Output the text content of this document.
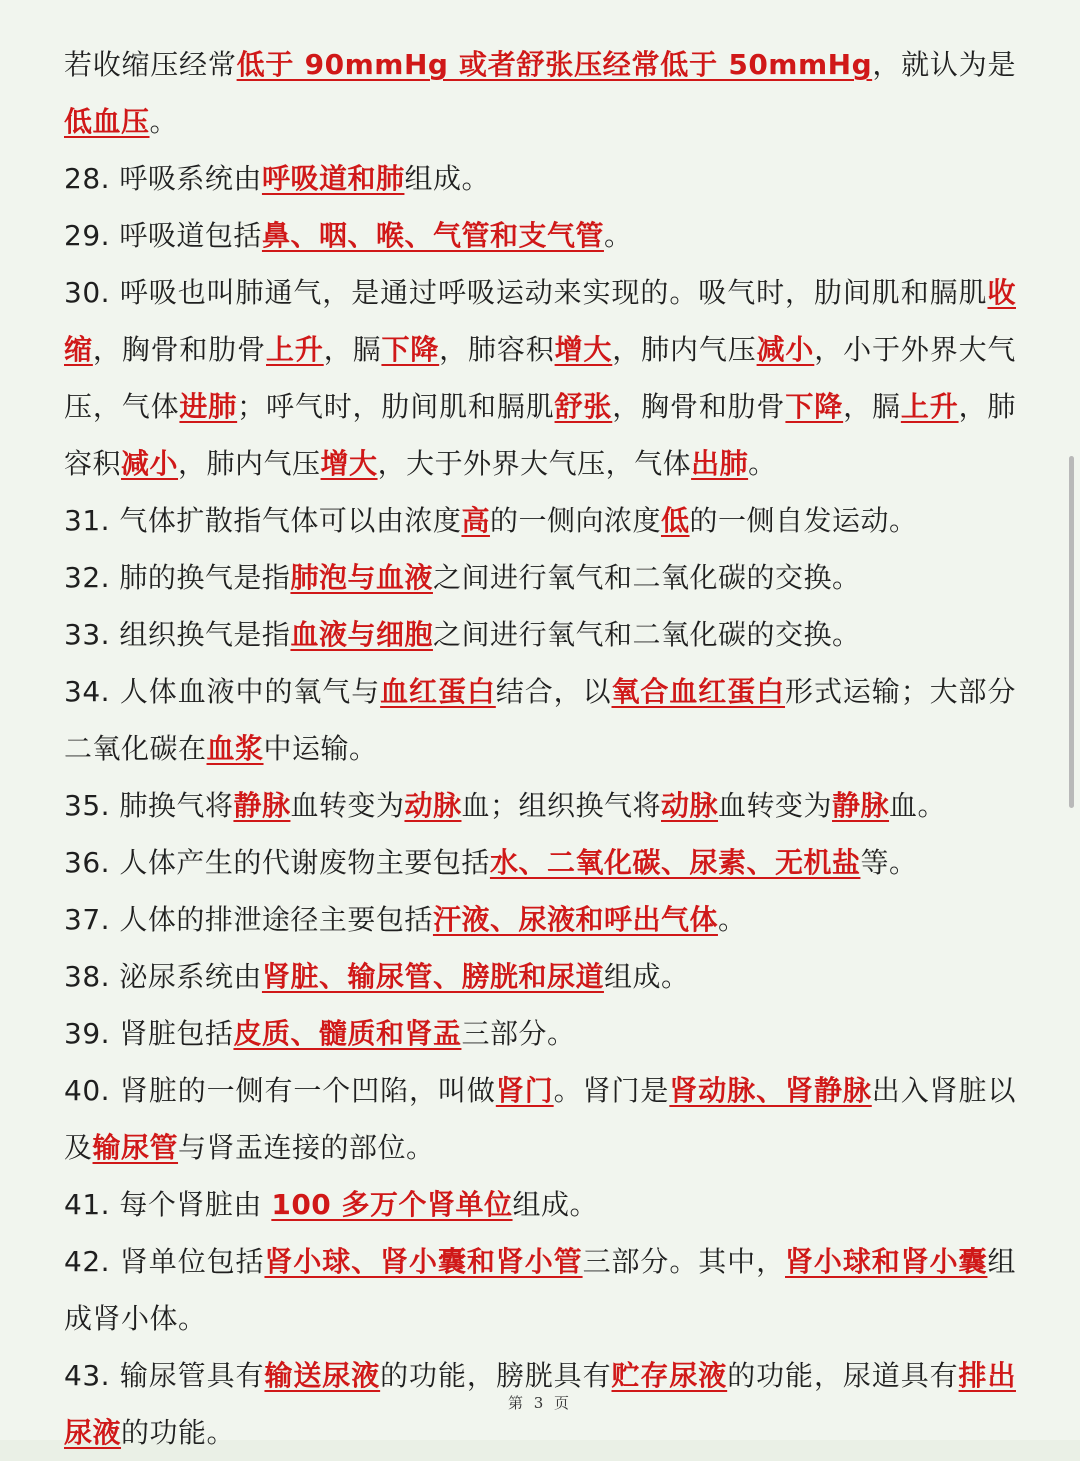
若收缩压经常低于 90mmHg 或者舒张压经常低于 50mmHg，就认为是低血压。

28. 呼吸系统由呼吸道和肺组成。

29. 呼吸道包括鼻、咽、喉、气管和支气管。

30. 呼吸也叫肺通气，是通过呼吸运动来实现的。吸气时，肋间肌和膈肌收缩，胸骨和肋骨上升，膈下降，肺容积增大，肺内气压减小，小于外界大气压，气体进肺；呼气时，肋间肌和膈肌舒张，胸骨和肋骨下降，膈上升，肺容积减小，肺内气压增大，大于外界大气压，气体出肺。

31. 气体扩散指气体可以由浓度高的一侧向浓度低的一侧自发运动。

32. 肺的换气是指肺泡与血液之间进行氧气和二氧化碳的交换。

33. 组织换气是指血液与细胞之间进行氧气和二氧化碳的交换。

34. 人体血液中的氧气与血红蛋白结合，以氧合血红蛋白形式运输；大部分二氧化碳在血浆中运输。

35. 肺换气将静脉血转变为动脉血；组织换气将动脉血转变为静脉血。

36. 人体产生的代谢废物主要包括水、二氧化碳、尿素、无机盐等。

37. 人体的排泄途径主要包括汗液、尿液和呼出气体。

38. 泌尿系统由肾脏、输尿管、膀胱和尿道组成。

39. 肾脏包括皮质、髓质和肾盂三部分。

40. 肾脏的一侧有一个凹陷，叫做肾门。肾门是肾动脉、肾静脉出入肾脏以及输尿管与肾盂连接的部位。

41. 每个肾脏由 100 多万个肾单位组成。

42. 肾单位包括肾小球、肾小囊和肾小管三部分。其中，肾小球和肾小囊组成肾小体。

43. 输尿管具有输送尿液的功能，膀胱具有贮存尿液的功能，尿道具有排出尿液的功能。

第 3 页
